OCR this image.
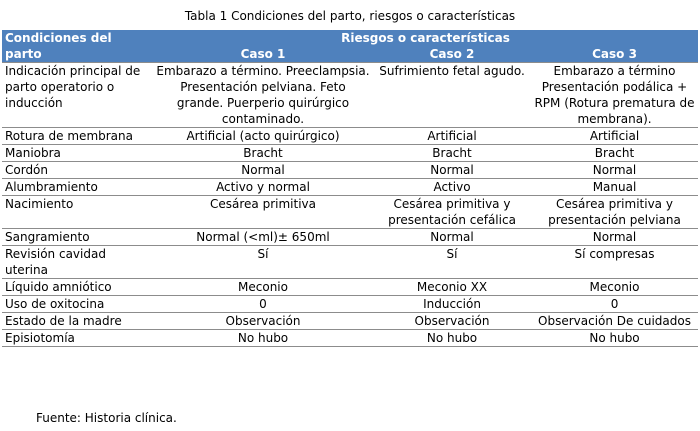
Tabla 1 Condiciones del parto, riesgos o características
Condiciones del	Riesgos o características		
parto	Caso 1	Caso 2	Caso 3
Indicación principal de parto operatorio o inducción	Embarazo a término. Preeclampsia. Presentación pelviana. Feto grande. Puerperio quirúrgico contaminado.	Sufrimiento fetal agudo.	Embarazo a término Presentación podálica + RPM (Rotura prematura de membrana).
Rotura de membrana	Artificial (acto quirúrgico)	Artificial	Artificial
Maniobra	Bracht	Bracht	Bracht
Cordón	Normal	Normal	Normal
Alumbramiento	Activo y normal	Activo	Manual
Nacimiento	Cesárea primitiva	Cesárea primitiva y presentación cefálica	Cesárea primitiva y presentación pelviana
Sangramiento	Normal (<ml)± 650ml	Normal	Normal
Revisión cavidad uterina	Sí	Sí	Sí compresas
Líquido amniótico	Meconio	Meconio XX	Meconio
Uso de oxitocina	0	Inducción	0
Estado de la madre	Observación	Observación	Observación De cuidados
Episiotomía	No hubo	No hubo	No hubo
Fuente: Historia clínica.
